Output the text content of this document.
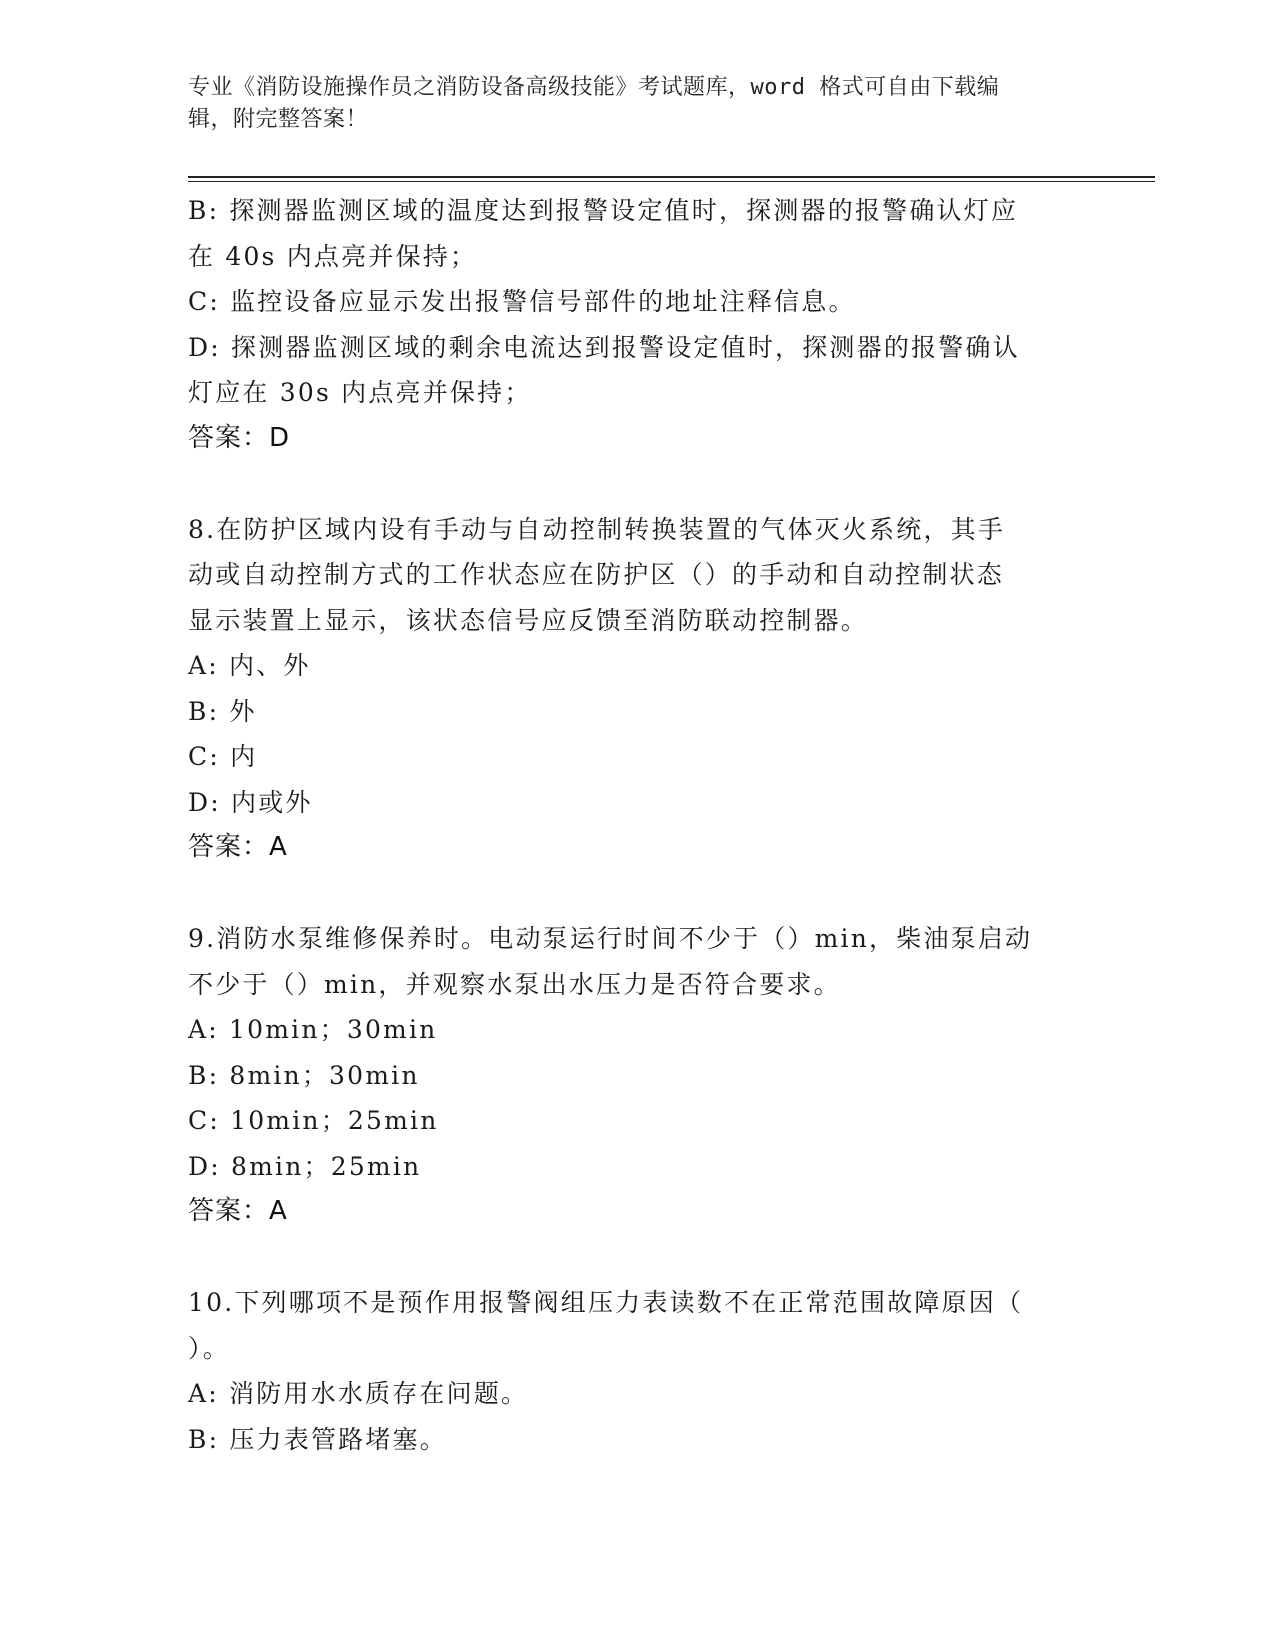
专业《消防设施操作员之消防设备高级技能》考试题库，word 格式可自由下载编
辑，附完整答案！
B: 探测器监测区域的温度达到报警设定值时，探测器的报警确认灯应
在 40s 内点亮并保持；
C: 监控设备应显示发出报警信号部件的地址注释信息。
D: 探测器监测区域的剩余电流达到报警设定值时，探测器的报警确认
灯应在 30s 内点亮并保持；
答案：D
8.在防护区域内设有手动与自动控制转换装置的气体灭火系统，其手
动或自动控制方式的工作状态应在防护区（）的手动和自动控制状态
显示装置上显示，该状态信号应反馈至消防联动控制器。
A: 内、外
B: 外
C: 内
D: 内或外
答案：A
9.消防水泵维修保养时。电动泵运行时间不少于（）min，柴油泵启动
不少于（）min，并观察水泵出水压力是否符合要求。
A: 10min；30min
B: 8min；30min
C: 10min；25min
D: 8min；25min
答案：A
10.下列哪项不是预作用报警阀组压力表读数不在正常范围故障原因（
）。
A: 消防用水水质存在问题。
B: 压力表管路堵塞。
